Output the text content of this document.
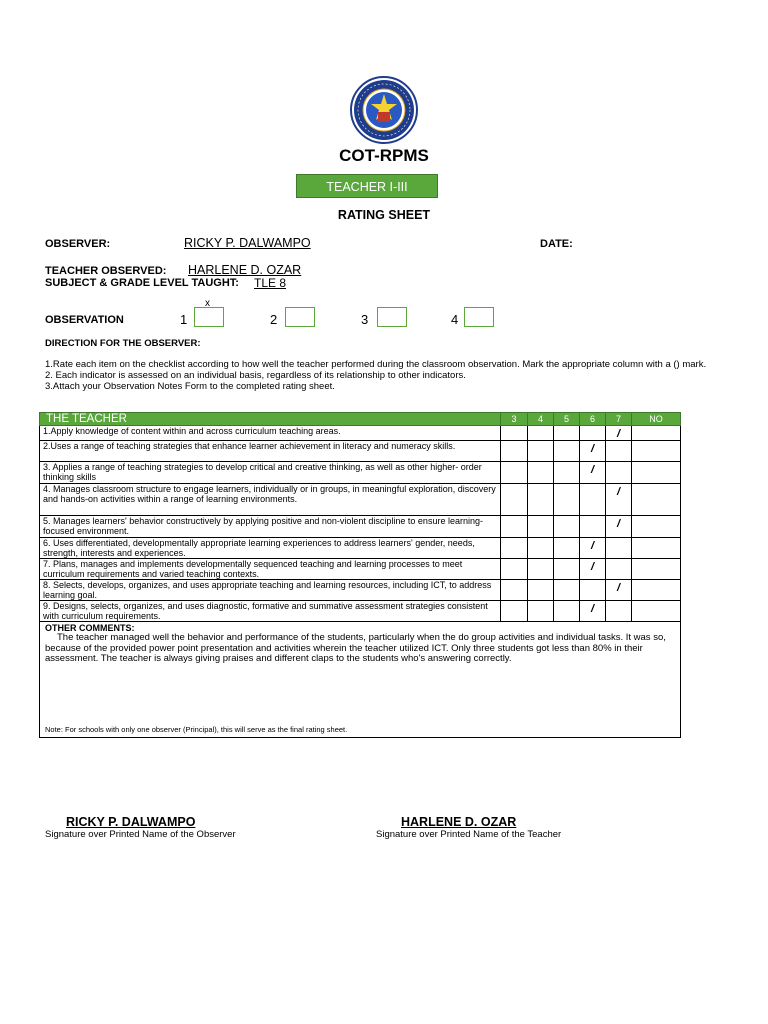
COT-RPMS
TEACHER I-III
RATING SHEET
OBSERVER:	RICKY P. DALWAMPO	DATE:
TEACHER OBSERVED: HARLENE D. OZAR
SUBJECT & GRADE LEVEL TAUGHT: TLE 8
OBSERVATION	1
x
2	3	4
DIRECTION FOR THE OBSERVER:
1.Rate each item on the checklist according to how well the teacher performed during the classroom observation. Mark the appropriate column with a () mark.
2. Each indicator is assessed on an individual basis, regardless of its relationship to other indicators.
3.Attach your Observation Notes Form to the completed rating sheet.
THE TEACHER	3	4	5	6	7	NO
1.Apply knowledge of content within and across curriculum teaching areas.					/	
2.Uses a range of teaching strategies that enhance learner achievement in literacy and numeracy skills.				/		
3. Applies a range of teaching strategies to develop critical and creative thinking, as well as other higher- order thinking skills				/		
4. Manages classroom structure to engage learners, individually or in groups, in meaningful exploration, discovery and hands-on activities within a range of learning environments.					/	
5. Manages learners' behavior constructively by applying positive and non-violent discipline to ensure learning-focused environment.					/	
6. Uses differentiated, developmentally appropriate learning experiences to address learners' gender, needs, strength, interests and experiences.				/		
7. Plans, manages and implements developmentally sequenced teaching and learning processes to meet curriculum requirements and varied teaching contexts.				/		
8. Selects, develops, organizes, and uses appropriate teaching and learning resources, including ICT, to address learning goal.					/	
9. Designs, selects, organizes, and uses diagnostic, formative and summative assessment strategies consistent with curriculum requirements.				/		

OTHER COMMENTS:
The teacher managed well the behavior and performance of the students, particularly when the do group activities and individual tasks. It was so, because of the provided power point presentation and activities wherein the teacher utilized ICT. Only three students got less than 80% in their assessment. The teacher is always giving praises and different claps to the students who's answering correctly.
Note: For schools with only one observer (Principal), this will serve as the final rating sheet.						
RICKY P. DALWAMPO
Signature over Printed Name of the Observer
HARLENE D. OZAR
Signature over Printed Name of the Teacher
